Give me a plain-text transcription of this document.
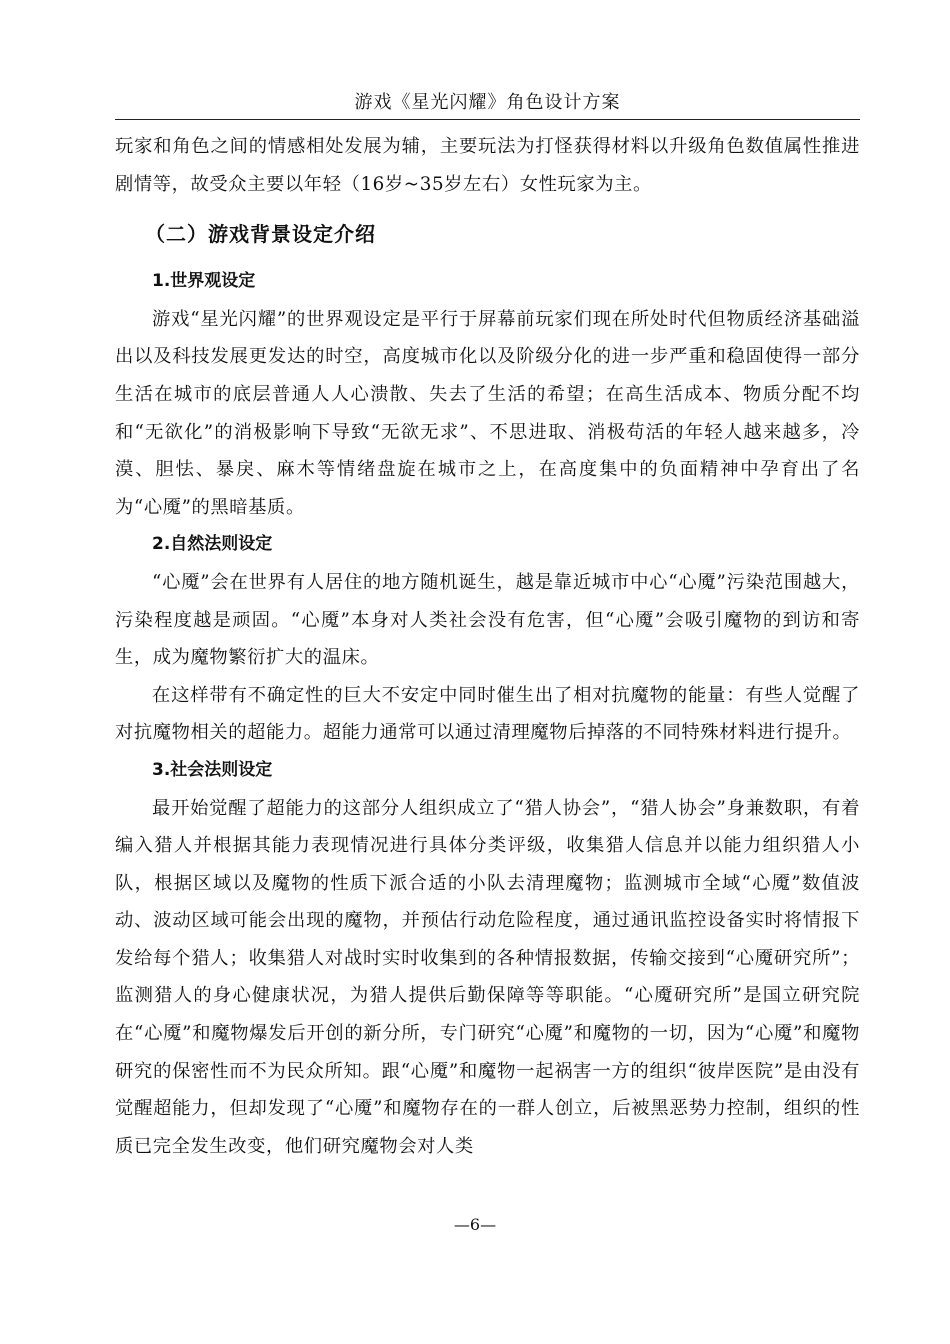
游戏《星光闪耀》角色设计方案

玩家和角色之间的情感相处发展为辅，主要玩法为打怪获得材料以升级角色数值属性推进剧情等，故受众主要以年轻（16岁~35岁左右）女性玩家为主。

（二）游戏背景设定介绍
1.世界观设定

游戏“星光闪耀”的世界观设定是平行于屏幕前玩家们现在所处时代但物质经济基础溢出以及科技发展更发达的时空，高度城市化以及阶级分化的进一步严重和稳固使得一部分生活在城市的底层普通人人心溃散、失去了生活的希望；在高生活成本、物质分配不均和“无欲化”的消极影响下导致“无欲无求”、不思进取、消极苟活的年轻人越来越多，冷漠、胆怯、暴戾、麻木等情绪盘旋在城市之上，在高度集中的负面精神中孕育出了名为“心魇”的黑暗基质。

2.自然法则设定

“心魇”会在世界有人居住的地方随机诞生，越是靠近城市中心“心魇”污染范围越大，污染程度越是顽固。“心魇”本身对人类社会没有危害，但“心魇”会吸引魔物的到访和寄生，成为魔物繁衍扩大的温床。

在这样带有不确定性的巨大不安定中同时催生出了相对抗魔物的能量：有些人觉醒了对抗魔物相关的超能力。超能力通常可以通过清理魔物后掉落的不同特殊材料进行提升。

3.社会法则设定

最开始觉醒了超能力的这部分人组织成立了“猎人协会”，“猎人协会”身兼数职，有着编入猎人并根据其能力表现情况进行具体分类评级，收集猎人信息并以能力组织猎人小队，根据区域以及魔物的性质下派合适的小队去清理魔物；监测城市全域“心魇”数值波动、波动区域可能会出现的魔物，并预估行动危险程度，通过通讯监控设备实时将情报下发给每个猎人；收集猎人对战时实时收集到的各种情报数据，传输交接到“心魇研究所”；监测猎人的身心健康状况，为猎人提供后勤保障等等职能。“心魇研究所”是国立研究院在“心魇”和魔物爆发后开创的新分所，专门研究“心魇”和魔物的一切，因为“心魇”和魔物研究的保密性而不为民众所知。跟“心魇”和魔物一起祸害一方的组织“彼岸医院”是由没有觉醒超能力，但却发现了“心魇”和魔物存在的一群人创立，后被黑恶势力控制，组织的性质已完全发生改变，他们研究魔物会对人类

—6—
